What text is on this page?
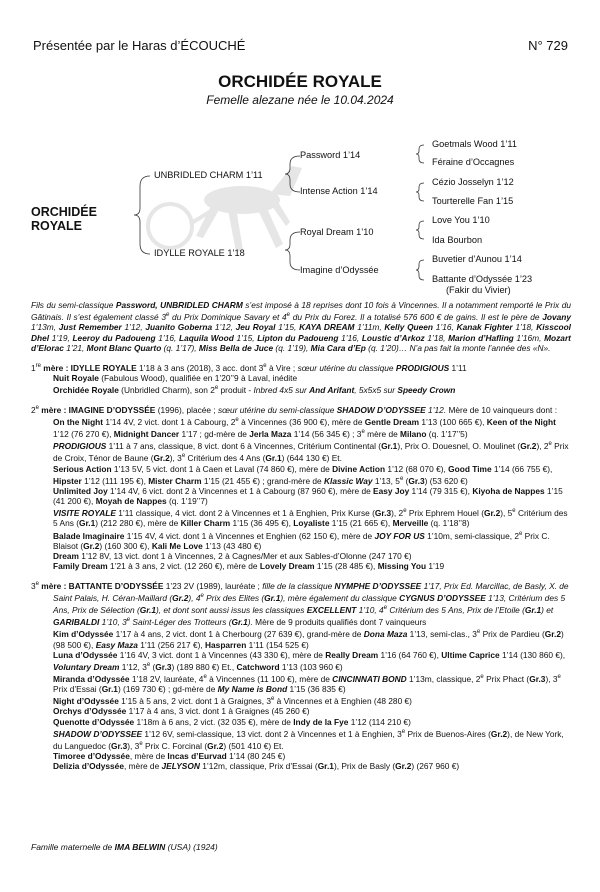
Présentée par le Haras d’ÉCOUCHÉ	N° 729
ORCHIDÉE ROYALE
Femelle alezane née le 10.04.2024
ORCHIDÉE
ROYALE
UNBRIDLED CHARM 1’11
IDYLLE ROYALE 1’18
Password 1’14
Intense Action 1’14
Royal Dream 1’10
Imagine d’Odyssée
Goetmals Wood 1’11
Féraine d’Occagnes
Cézio Josselyn 1’12
Tourterelle Fan 1’15
Love You 1’10
Ida Bourbon
Buvetier d’Aunou 1’14
Battante d’Odyssée 1’23
(Fakir du Vivier)

Fils du semi-classique Password, UNBRIDLED CHARM s’est imposé à 18 reprises dont 10 fois à Vincennes. Il a notamment remporté le Prix du Gâtinais. Il s’est également classé 3e du Prix Dominique Savary et 4e du Prix du Forez. Il a totalisé 576 600 € de gains. Il est le père de Jovany 1’13m, Just Remember 1’12, Juanito Goberna 1’12, Jeu Royal 1’15, KAYA DREAM 1’11m, Kelly Queen 1’16, Kanak Fighter 1’18, Kisscool Dhel 1’19, Leeroy du Padoueng 1’16, Laquila Wood 1’15, Lipton du Padoueng 1’16, Loustic d’Arkoz 1’18, Marion d’Hafling 1’16m, Mozart d’Elorac 1’21, Mont Blanc Quarto (q. 1’17), Miss Bella de Juce (q. 1’19), Mia Cara d’Ep (q. 1’20)… N’a pas fait la monte l’année des «N».

1re mère : IDYLLE ROYALE 1’18 à 3 ans (2018), 3 acc. dont 3e à Vire ; sœur utérine du classique PRODIGIOUS 1’11

Nuit Royale (Fabulous Wood), qualifiée en 1’20’’9 à Laval, inédite

Orchidée Royale (Unbridled Charm), son 2e produit - Inbred 4x5 sur And Arifant, 5x5x5 sur Speedy Crown

2e mère : IMAGINE D’ODYSSÉE (1996), placée ; sœur utérine du semi-classique SHADOW D’ODYSSEE 1’12. Mère de 10 vainqueurs dont :

On the Night 1’14 4V, 2 vict. dont 1 à Cabourg, 2e à Vincennes (36 900 €), mère de Gentle Dream 1’13 (100 665 €), Keen of the Night 1’12 (76 270 €), Midnight Dancer 1’17 ; gd-mère de Jerla Maza 1’14 (56 345 €) ; 3e mère de Milano (q. 1’17’’5)

PRODIGIOUS 1’11 à 7 ans, classique, 8 vict. dont 6 à Vincennes, Critérium Continental (Gr.1), Prix O. Douesnel, O. Moulinet (Gr.2), 2e Prix de Croix, Ténor de Baune (Gr.2), 3e Critérium des 4 Ans (Gr.1) (644 130 €) Et.

Serious Action 1’13 5V, 5 vict. dont 1 à Caen et Laval (74 860 €), mère de Divine Action 1’12 (68 070 €), Good Time 1’14 (66 755 €), Hipster 1’12 (111 195 €), Mister Charm 1’15 (21 455 €) ; grand-mère de Klassic Way 1’13, 5e (Gr.3) (53 620 €)

Unlimited Joy 1’14 4V, 6 vict. dont 2 à Vincennes et 1 à Cabourg (87 960 €), mère de Easy Joy 1’14 (79 315 €), Kiyoha de Nappes 1’15 (41 200 €), Moyah de Nappes (q. 1’19’’7)

VISITE ROYALE 1’11 classique, 4 vict. dont 2 à Vincennes et 1 à Enghien, Prix Kurse (Gr.3), 2e Prix Ephrem Houel (Gr.2), 5e Critérium des 5 Ans (Gr.1) (212 280 €), mère de Killer Charm 1’15 (36 495 €), Loyaliste 1’15 (21 665 €), Merveille (q. 1’18’’8)

Balade Imaginaire 1’15 4V, 4 vict. dont 1 à Vincennes et Enghien (62 150 €), mère de JOY FOR US 1’10m, semi-classique, 2e Prix C. Blaisot (Gr.2) (160 300 €), Kali Me Love 1’13 (43 480 €)

Dream 1’12 8V, 13 vict. dont 1 à Vincennes, 2 à Cagnes/Mer et aux Sables-d’Olonne (247 170 €)

Family Dream 1’21 à 3 ans, 2 vict. (12 260 €), mère de Lovely Dream 1’15 (28 485 €), Missing You 1’19

3e mère : BATTANTE D’ODYSSÉE 1’23 2V (1989), lauréate ; fille de la classique NYMPHE D’ODYSSEE 1’17, Prix Ed. Marcillac, de Basly, X. de Saint Palais, H. Céran-Maillard (Gr.2), 4e Prix des Elites (Gr.1), mère également du classique CYGNUS D’ODYSSEE 1’13, Critérium des 5 Ans, Prix de Sélection (Gr.1), et dont sont aussi issus les classiques EXCELLENT 1’10, 4e Critérium des 5 Ans, Prix de l’Etoile (Gr.1) et GARIBALDI 1’10, 3e Saint-Léger des Trotteurs (Gr.1). Mère de 9 produits qualifiés dont 7 vainqueurs

Kim d’Odyssée 1’17 à 4 ans, 2 vict. dont 1 à Cherbourg (27 639 €), grand-mère de Dona Maza 1’13, semi-clas., 3e Prix de Pardieu (Gr.2) (98 500 €), Easy Maza 1’11 (256 217 €), Hasparren 1’11 (154 525 €)

Luna d’Odyssée 1’16 4V, 3 vict. dont 1 à Vincennes (43 330 €), mère de Really Dream 1’16 (64 760 €), Ultime Caprice 1’14 (130 860 €), Voluntary Dream 1’12, 3e (Gr.3) (189 880 €) Et., Catchword 1’13 (103 960 €)

Miranda d’Odyssée 1’18 2V, lauréate, 4e à Vincennes (11 100 €), mère de CINCINNATI BOND 1’13m, classique, 2e Prix Phact (Gr.3), 3e Prix d’Essai (Gr.1) (169 730 €) ; gd-mère de My Name is Bond 1’15 (36 835 €)

Night d’Odyssée 1’15 à 5 ans, 2 vict. dont 1 à Graignes, 3e à Vincennes et à Enghien (48 280 €)

Orchys d’Odyssée 1’17 à 4 ans, 3 vict. dont 1 à Graignes (45 260 €)

Quenotte d’Odyssée 1’18m à 6 ans, 2 vict. (32 035 €), mère de Indy de la Fye 1’12 (114 210 €)

SHADOW D’ODYSSEE 1’12 6V, semi-classique, 13 vict. dont 2 à Vincennes et 1 à Enghien, 3e Prix de Buenos-Aires (Gr.2), de New York, du Languedoc (Gr.3), 3e Prix C. Forcinal (Gr.2) (501 410 €) Et.

Timoree d’Odyssée, mère de Incas d’Eurvad 1’14 (80 245 €)

Delizia d’Odyssée, mère de JELYSON 1’12m, classique, Prix d’Essai (Gr.1), Prix de Basly (Gr.2) (267 960 €)

Famille maternelle de IMA BELWIN (USA) (1924)
